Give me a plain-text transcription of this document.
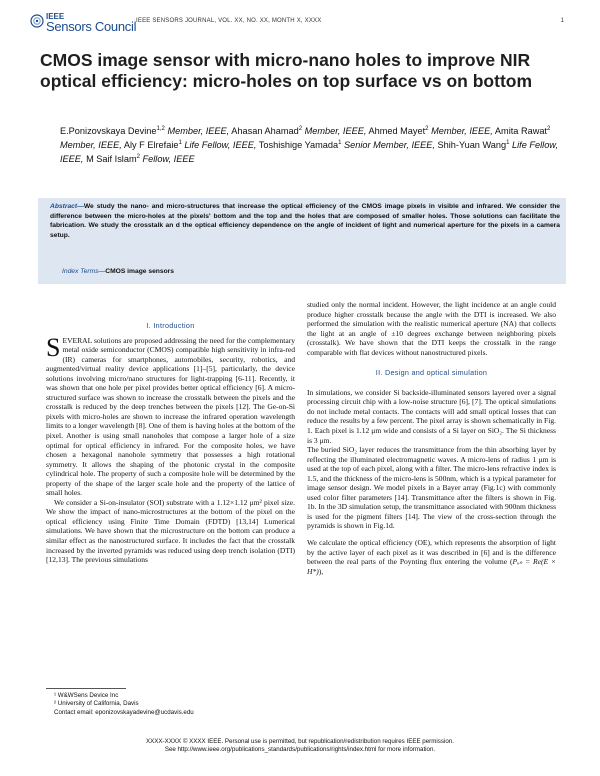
IEEE
Sensors Council IEEE SENSORS JOURNAL, VOL. XX, NO. XX, MONTH X, XXXX	1
CMOS image sensor with micro-nano holes to improve NIR optical efficiency: micro-holes on top surface vs on bottom
E.Ponizovskaya Devine$^{1,2}$ Member, IEEE, Ahasan Ahamad$^2$ Member, IEEE, Ahmed Mayet$^2$ Member, IEEE, Amita Rawat$^2$ Member, IEEE, Aly F Elrefaie$^1$ Life Fellow, IEEE, Toshishige Yamada$^1$ Senior Member, IEEE, Shih-Yuan Wang$^1$ Life Fellow, IEEE, M Saif Islam$^2$ Fellow, IEEE
Abstract—We study the nano- and micro-structures that increase the optical efficiency of the CMOS image pixels in visible and infrared. We consider the difference between the micro-holes at the pixels' bottom and the top and the holes that are composed of smaller holes. Those solutions can facilitate the fabrication. We study the crosstalk an d the optical efficiency dependence on the angle of incident of light and numerical aperture for the pixels in a camera setup.
Index Terms—CMOS image sensors
I. Introduction

SEVERAL solutions are proposed addressing the need for the complementary metal oxide semiconductor (CMOS) compatible high sensitivity in infra-red (IR) cameras for smartphones, automobiles, security, robotics, and augmented/virtual reality device applications [1]–[5], particularly, the device solutions involving micro/nano structures for light-trapping [6-11]. Recently, it was shown that one hole per pixel provides better optical efficiency [6]. A micro-structured surface was shown to increase the crosstalk between the pixels and the crosstalk is reduced by the deep trenches between the pixels [12]. The Ge-on-Si pixels with micro-holes are shown to increase the infrared operation wavelength limits to a longer wavelength [8]. One of them is having holes at the bottom of the pixel. Another is using small nanoholes that compose a larger hole of a size optimal for optical efficiency in infrared. For the composite holes, we have chosen a hexagonal nanohole symmetry that possesses a high rotational symmetry. It allows the shaping of the photonic crystal in the composite cylindrical hole. The property of such a composite hole will be determined by the property of the shape of the larger scale hole and the property of the lattice of small holes.

We consider a Si-on-insulator (SOI) substrate with a 1.12×1.12 μm² pixel size. We show the impact of nano-microstructures at the bottom of the pixel on the optical efficiency using Finite Time Domain (FDTD) [13,14] Lumerical simulations. We have shown that the microstructure on the bottom can produce a similar effect as the nanostructured surface. It includes the fact that the crosstalk increased by the inverted pyramids was reduced using deep trench isolation (DTI) [12,13]. The previous simulations

studied only the normal incident. However, the light incidence at an angle could produce higher crosstalk because the angle with the DTI is increased. We also performed the simulation with the realistic numerical aperture (NA) that collects the light at an angle of ±10 degrees exchange between neighboring pixels (crosstalk). We have shown that the DTI keeps the crosstalk in the range comparable with flat devices without nanostructured pixels.

II. Design and optical simulation

In simulations, we consider Si backside-illuminated sensors layered over a signal processing circuit chip with a low-noise structure [6], [7]. The optical simulations do not include metal contacts. The contacts will add small optical losses that can reduce the results by a few percent. The pixel array is shown schematically in Fig. 1. Each pixel is 1.12 μm wide and consists of a Si layer on SiO₂. The Si thickness is 3 μm.

The buried SiO₂ layer reduces the transmittance from the thin absorbing layer by reflecting the illuminated electromagnetic waves. A micro-lens of radius 1 μm is used at the top of each pixel, along with a filter. The micro-lens refractive index is 1.5, and the thickness of the micro-lens is 500nm, which is a typical parameter for image sensor design. We model pixels in a Bayer array (Fig.1c) with commonly used color filter parameters [14]. Transmittance after the filters is shown in Fig. 1b. In the 3D simulation setup, the transmittance associated with 900nm thickness is used for the pigment filters [14]. The view of the cross-section through the pyramids is shown in Fig.1d.

We calculate the optical efficiency (OE), which represents the absorption of light by the active layer of each pixel as it was described in [6] and is the difference between the real parts of the Poynting flux entering the volume (Pₒₙ = Re(E × H*)),

¹ W&WSens Device Inc
² University of California, Davis
Contact email: eponizovskayadevine@ucdavis.edu
XXXX-XXXX © XXXX IEEE. Personal use is permitted, but republication/redistribution requires IEEE permission.
See http://www.ieee.org/publications_standards/publications/rights/index.html for more information.
